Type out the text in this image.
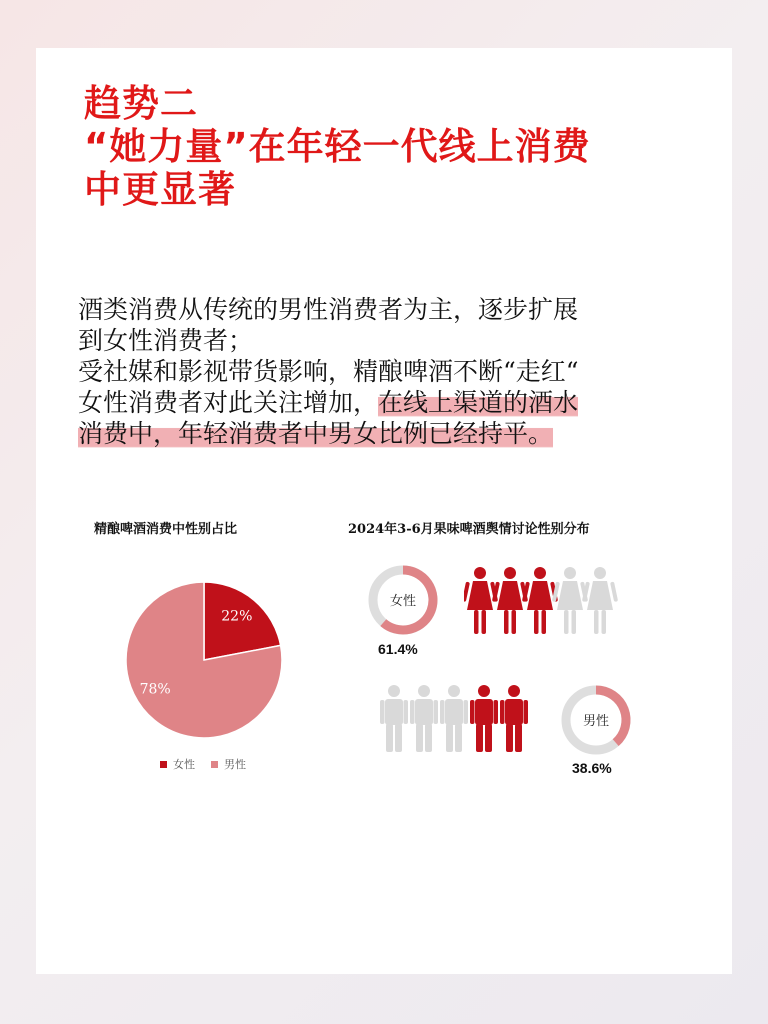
趋势二
“她力量”在年轻一代线上消费
中更显著
酒类消费从传统的男性消费者为主，逐步扩展
到女性消费者；
受社媒和影视带货影响，精酿啤酒不断“走红“
女性消费者对此关注增加，在线上渠道的酒水
消费中，年轻消费者中男女比例已经持平。
精酿啤酒消费中性别占比
22%
78%
女性	男性
2024年3-6月果味啤酒舆情讨论性别分布
女性
61.4%
男性
38.6%
